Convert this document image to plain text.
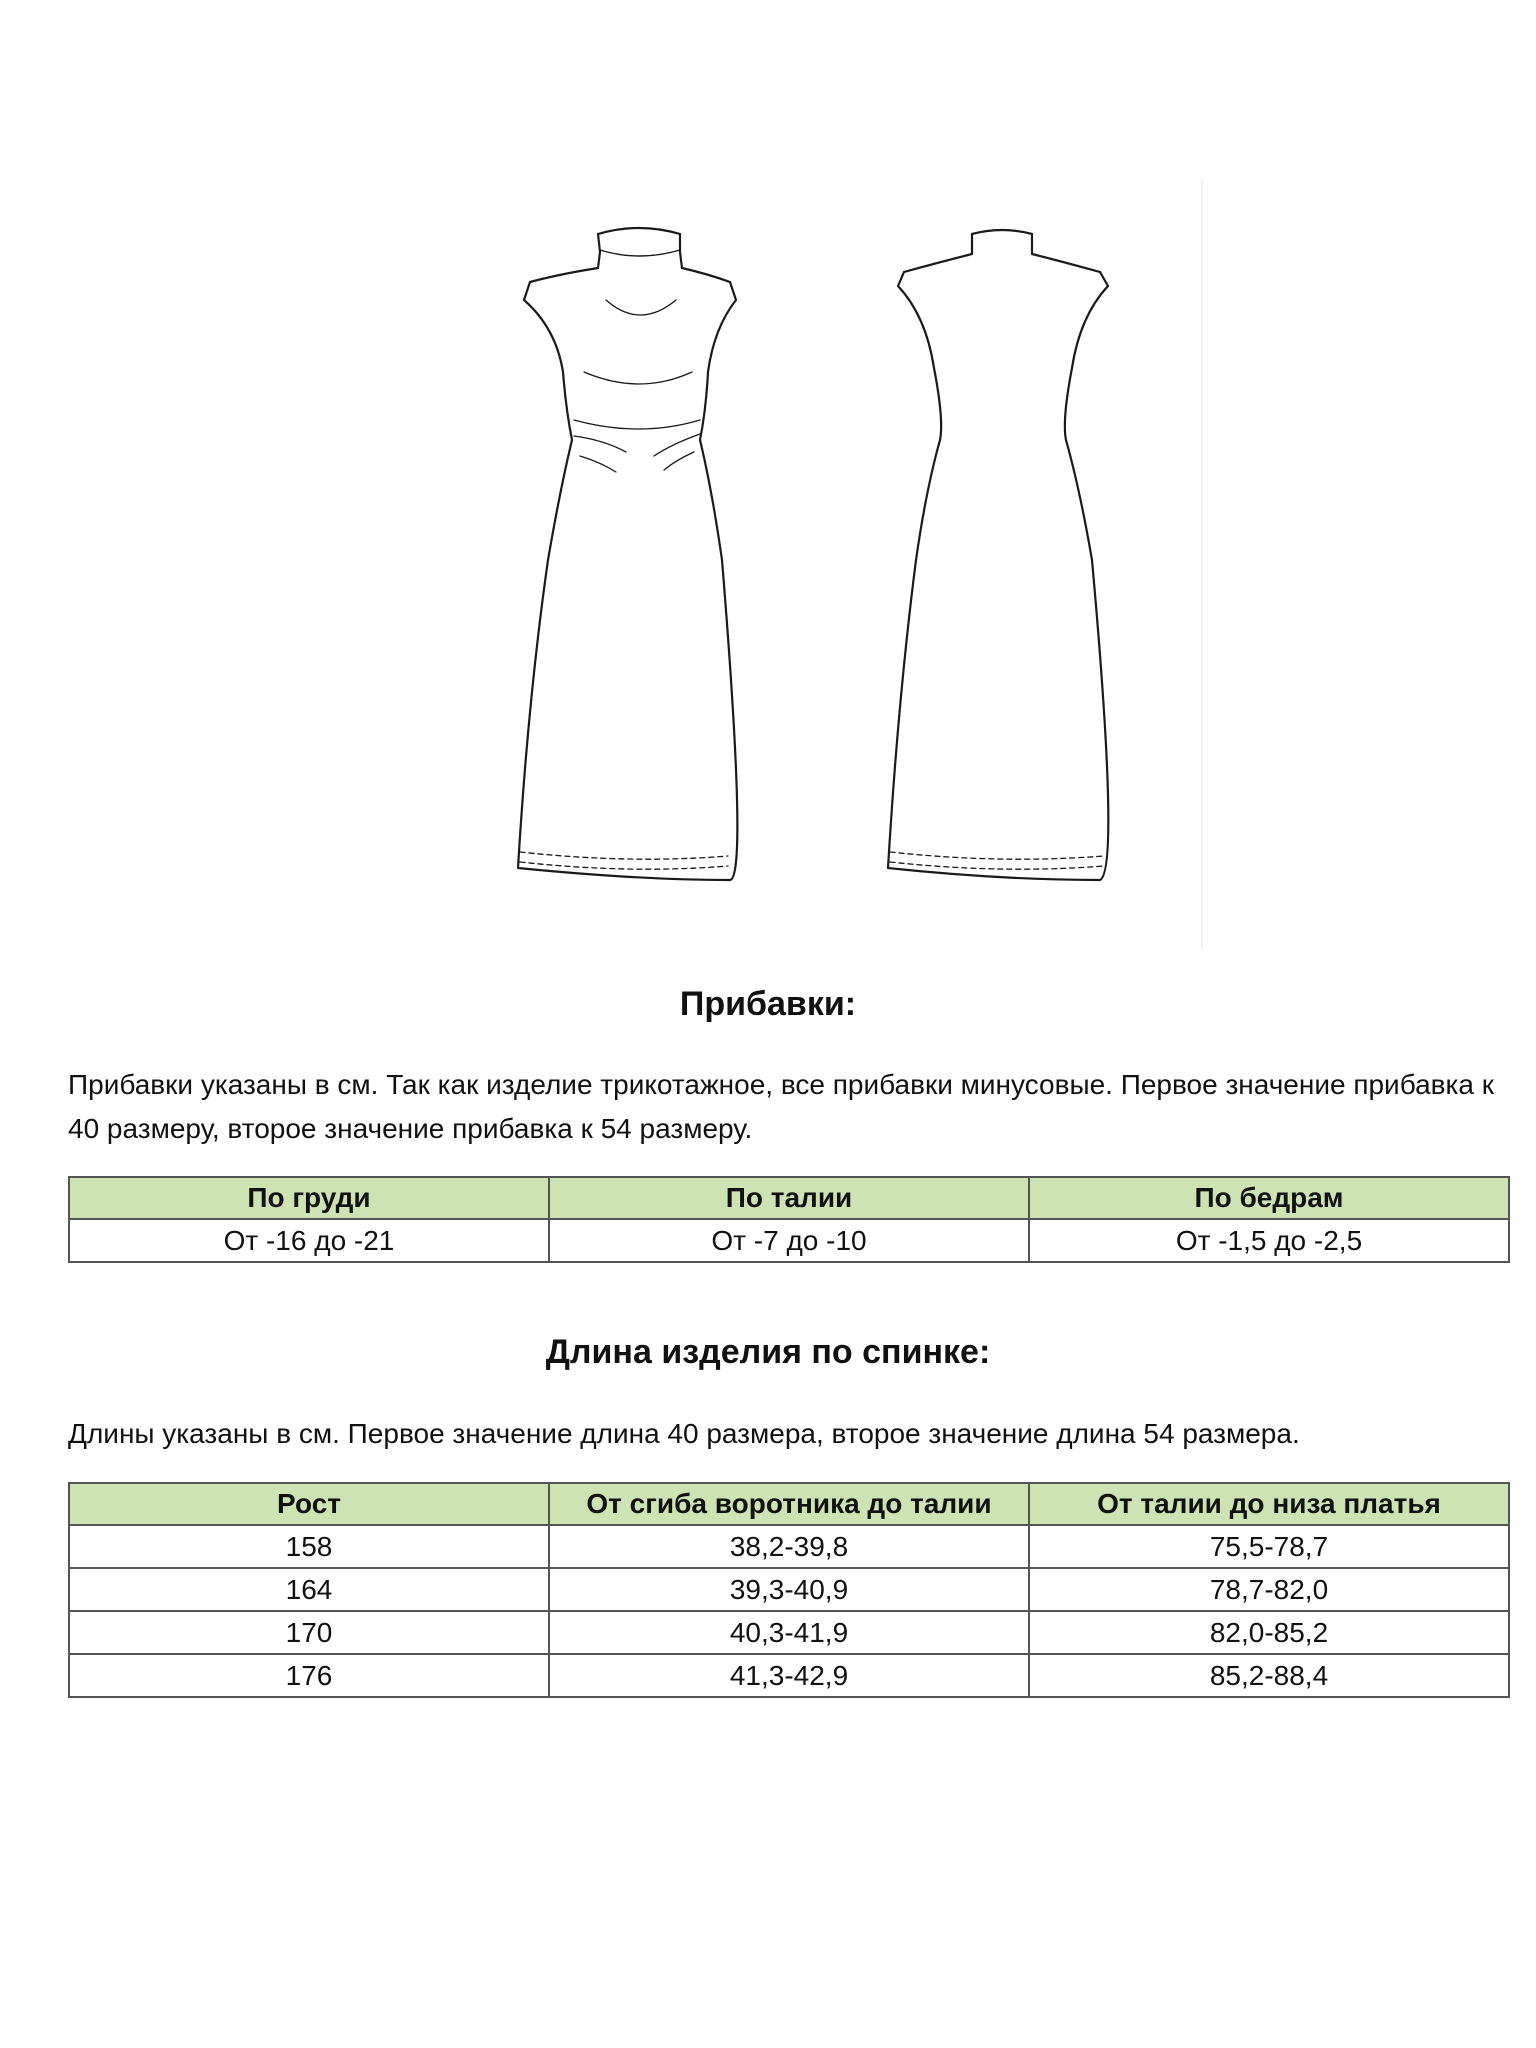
Прибавки:

Прибавки указаны в см. Так как изделие трикотажное, все прибавки минусовые. Первое значение прибавка к 40 размеру, второе значение прибавка к 54 размеру.

По груди	По талии	По бедрам
От -16 до -21	От -7 до -10	От -1,5 до -2,5
Длина изделия по спинке:

Длины указаны в см. Первое значение длина 40 размера, второе значение длина 54 размера.

Рост	От сгиба воротника до талии	От талии до низа платья
158	38,2-39,8	75,5-78,7
164	39,3-40,9	78,7-82,0
170	40,3-41,9	82,0-85,2
176	41,3-42,9	85,2-88,4
